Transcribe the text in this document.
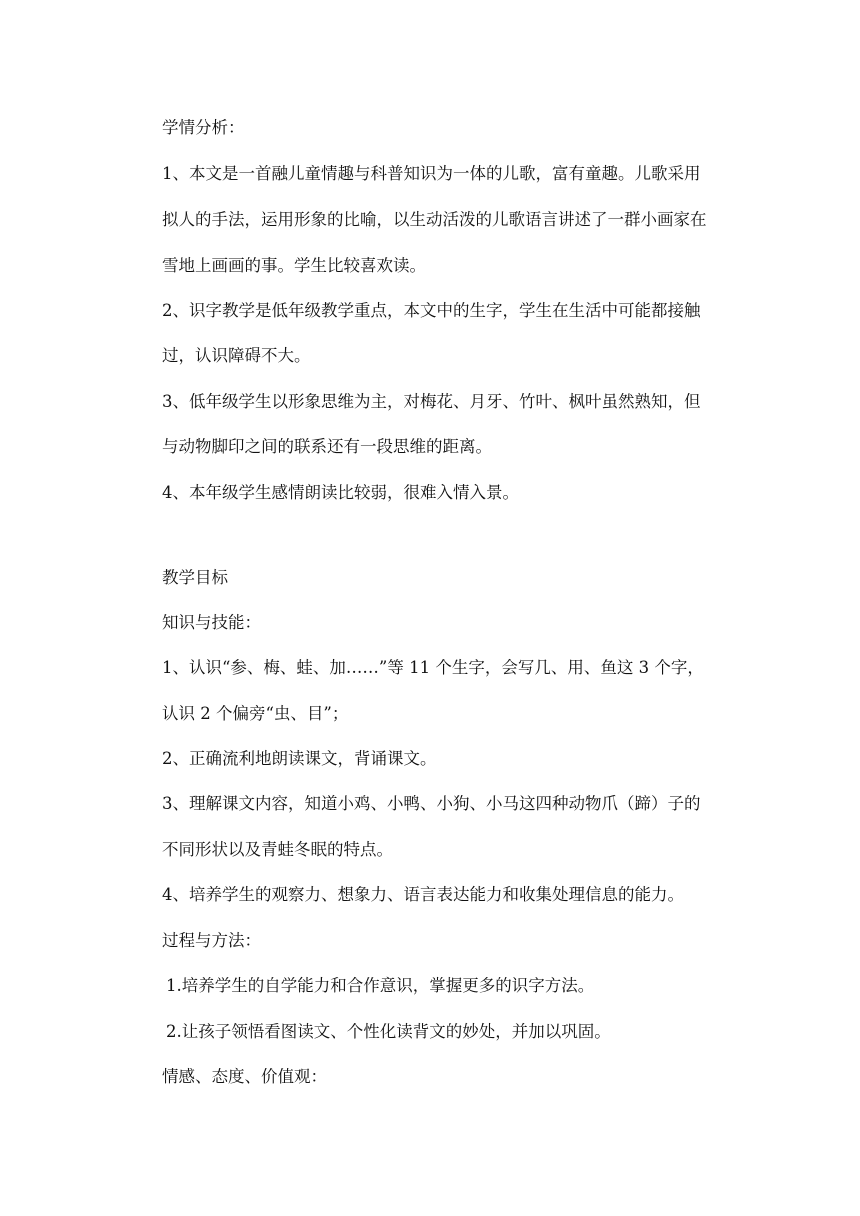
学情分析：
1、本文是一首融儿童情趣与科普知识为一体的儿歌，富有童趣。儿歌采用
拟人的手法，运用形象的比喻，以生动活泼的儿歌语言讲述了一群小画家在
雪地上画画的事。学生比较喜欢读。
2、识字教学是低年级教学重点，本文中的生字，学生在生活中可能都接触
过，认识障碍不大。
3、低年级学生以形象思维为主，对梅花、月牙、竹叶、枫叶虽然熟知，但
与动物脚印之间的联系还有一段思维的距离。
4、本年级学生感情朗读比较弱，很难入情入景。
教学目标
知识与技能：
1、认识“参、梅、蛙、加……”等 11 个生字，会写几、用、鱼这 3 个字，
认识 2 个偏旁“虫、目”；
2、正确流利地朗读课文，背诵课文。
3、理解课文内容，知道小鸡、小鸭、小狗、小马这四种动物爪（蹄）子的
不同形状以及青蛙冬眠的特点。
4、培养学生的观察力、想象力、语言表达能力和收集处理信息的能力。
过程与方法：
1.培养学生的自学能力和合作意识，掌握更多的识字方法。
2.让孩子领悟看图读文、个性化读背文的妙处，并加以巩固。
情感、态度、价值观：
